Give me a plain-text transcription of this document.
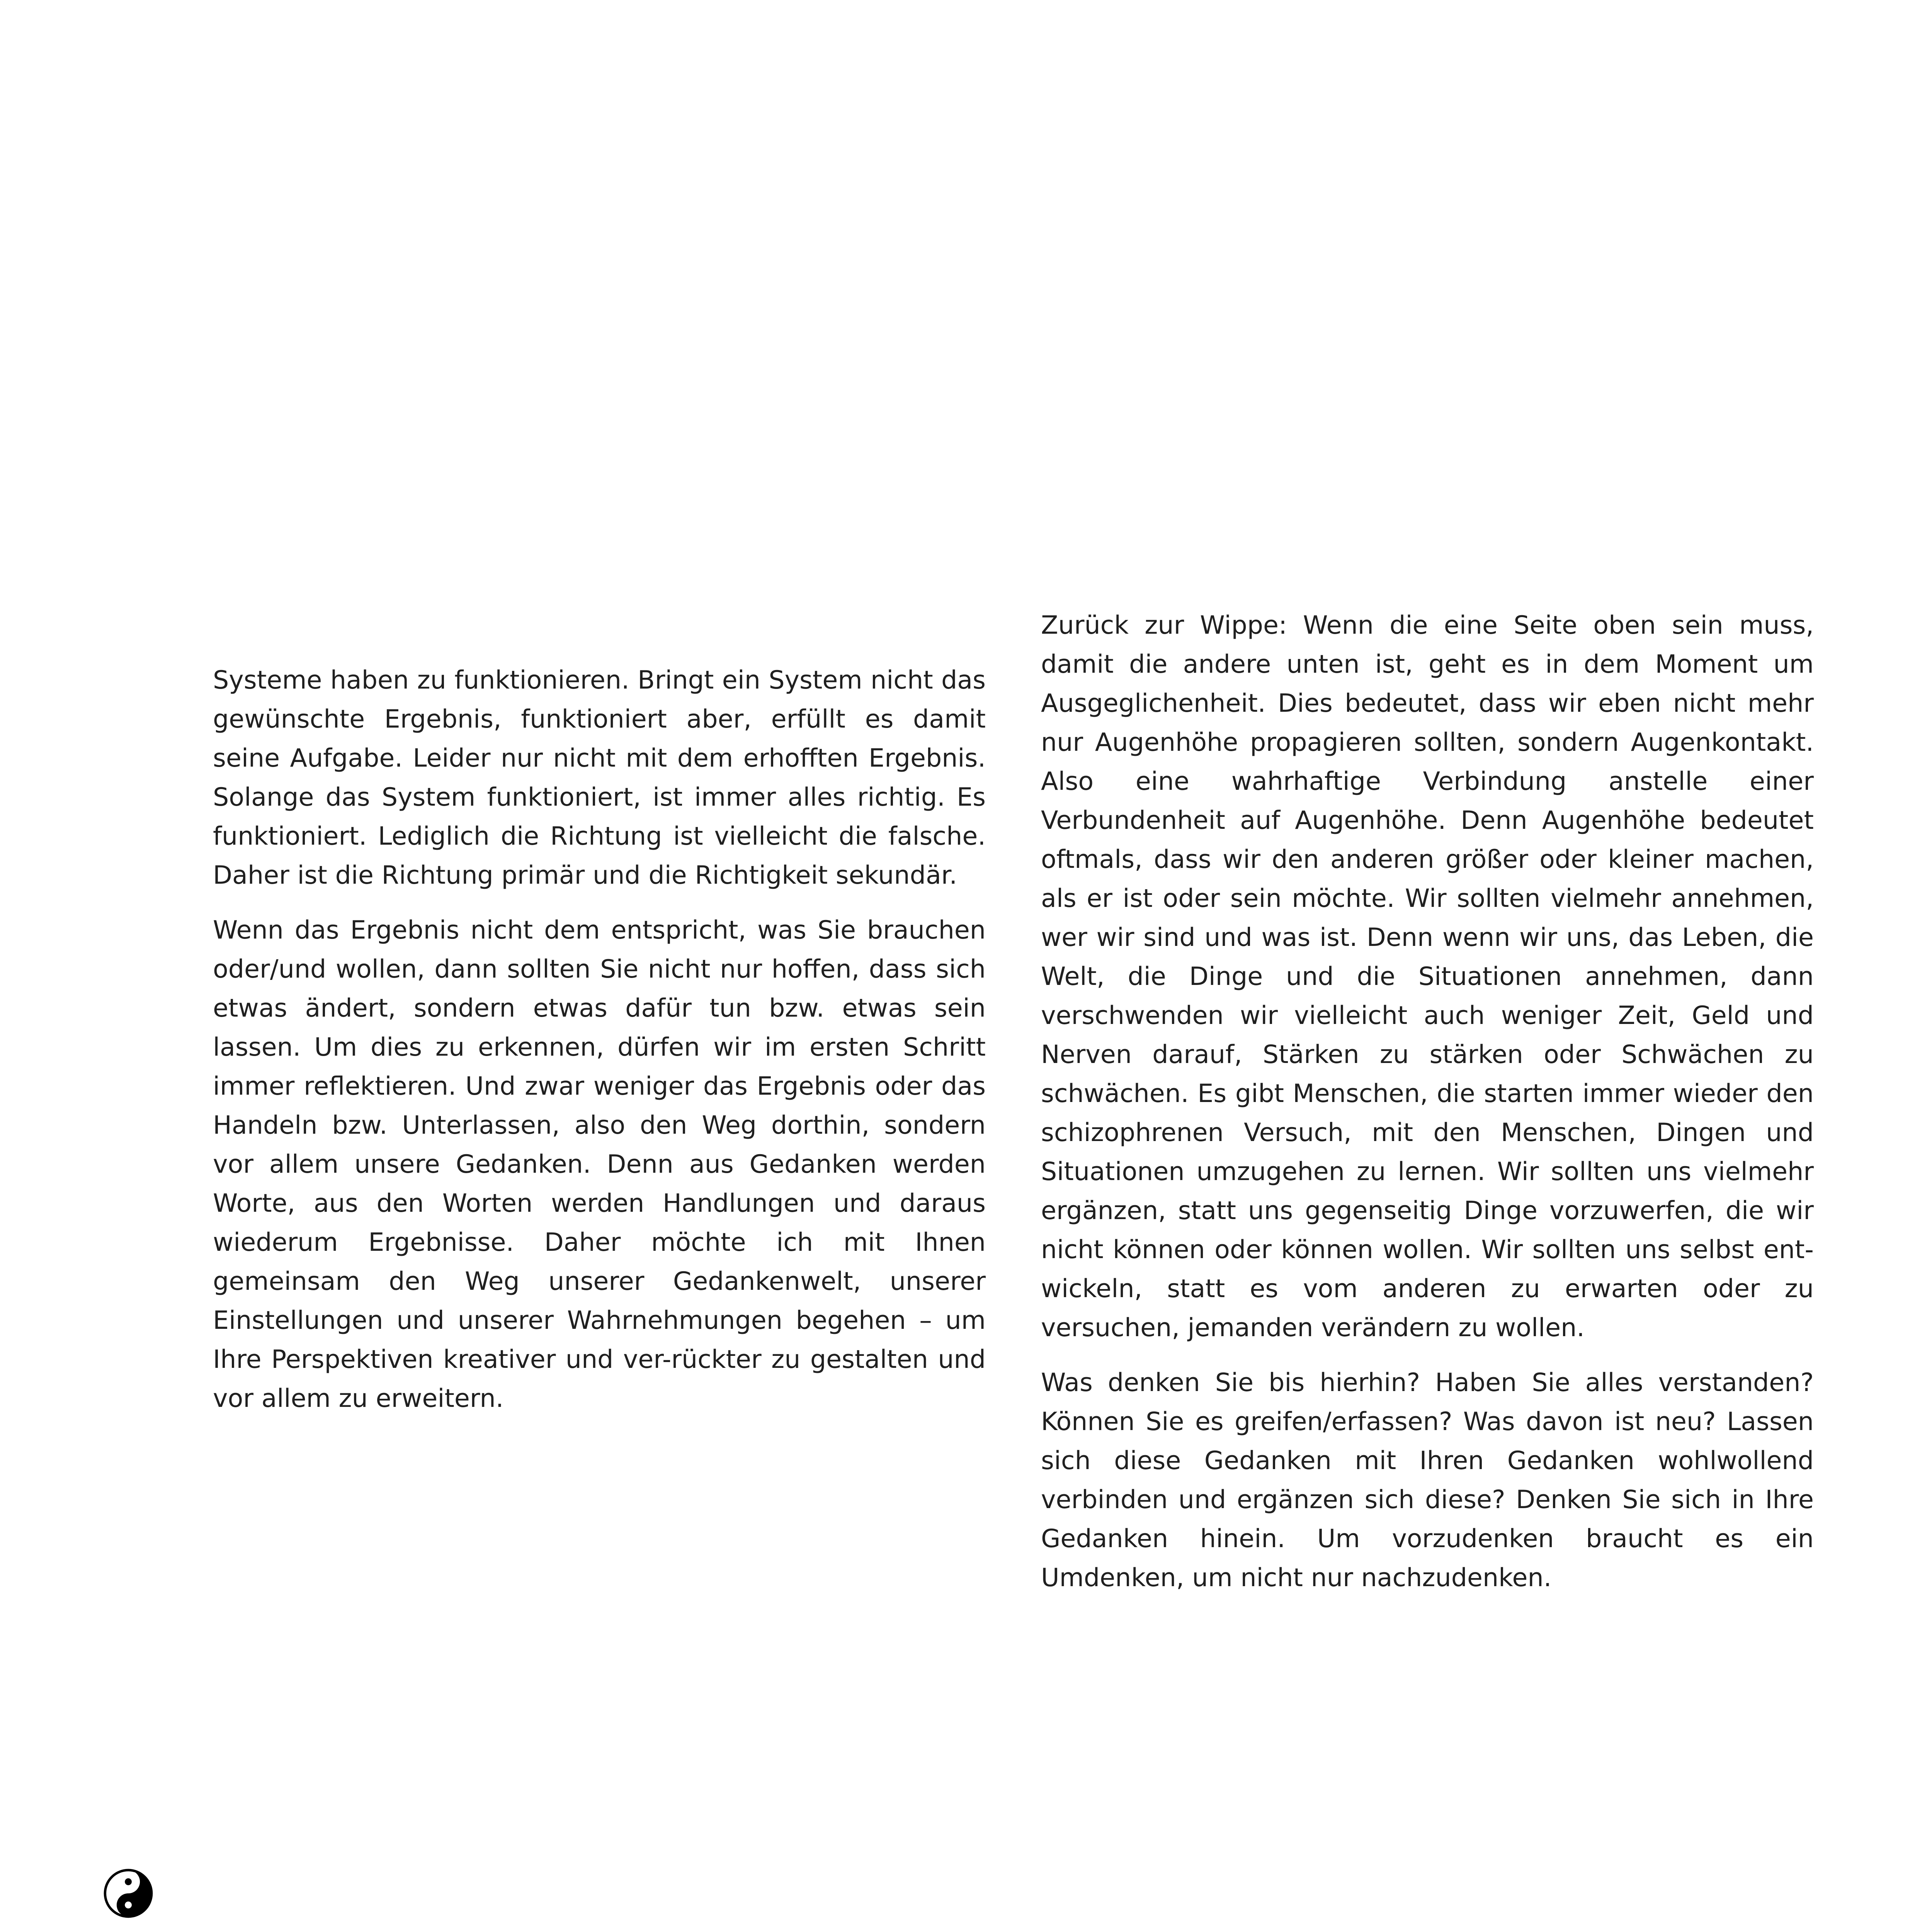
Systeme haben zu funktionieren. Bringt ein System nicht das gewünschte Ergebnis, funktioniert aber, erfüllt es damit seine Aufgabe. Leider nur nicht mit dem erhofften Ergebnis. Solange das System funktioniert, ist immer alles richtig. Es funktioniert. Lediglich die Richtung ist vielleicht die falsche. Daher ist die Richtung primär und die Richtigkeit sekundär.

Wenn das Ergebnis nicht dem entspricht, was Sie brauchen oder/und wollen, dann sollten Sie nicht nur hoffen, dass sich etwas ändert, sondern etwas dafür tun bzw. etwas sein lassen. Um dies zu erkennen, dürfen wir im ersten Schritt immer reflektieren. Und zwar weniger das Ergebnis oder das Handeln bzw. Unterlassen, also den Weg dorthin, sondern vor allem unsere Gedanken. Denn aus Gedanken werden Worte, aus den Worten werden Handlungen und daraus wiederum Ergebnisse. Daher möchte ich mit Ihnen gemeinsam den Weg unserer Gedankenwelt, unserer Einstellungen und unserer Wahrnehmungen begehen – um Ihre Perspektiven kreativer und ver-rückter zu gestalten und vor allem zu erweitern.

Zurück zur Wippe: Wenn die eine Seite oben sein muss, damit die andere unten ist, geht es in dem Moment um Ausgeglichenheit. Dies bedeutet, dass wir eben nicht mehr nur Augenhöhe propagieren sollten, sondern Augenkontakt. Also eine wahrhaftige Verbindung anstelle einer Verbundenheit auf Augenhöhe. Denn Augenhöhe bedeutet oftmals, dass wir den anderen größer oder kleiner machen, als er ist oder sein möchte. Wir sollten vielmehr annehmen, wer wir sind und was ist. Denn wenn wir uns, das Leben, die Welt, die Dinge und die Situationen annehmen, dann verschwenden wir vielleicht auch weniger Zeit, Geld und Nerven darauf, Stärken zu stärken oder Schwächen zu schwächen. Es gibt Menschen, die starten immer wieder den schizophrenen Versuch, mit den Menschen, Dingen und Situationen umzugehen zu lernen. Wir sollten uns vielmehr ergänzen, statt uns gegenseitig Dinge vorzuwerfen, die wir nicht können oder können wollen. Wir sollten uns selbst ent-wickeln, statt es vom anderen zu erwarten oder zu versuchen, jemanden verändern zu wollen.

Was denken Sie bis hierhin? Haben Sie alles verstanden? Können Sie es greifen/erfassen? Was davon ist neu? Lassen sich diese Gedanken mit Ihren Gedanken wohlwollend verbinden und ergänzen sich diese? Denken Sie sich in Ihre Gedanken hinein. Um vorzudenken braucht es ein Umdenken, um nicht nur nachzudenken.
